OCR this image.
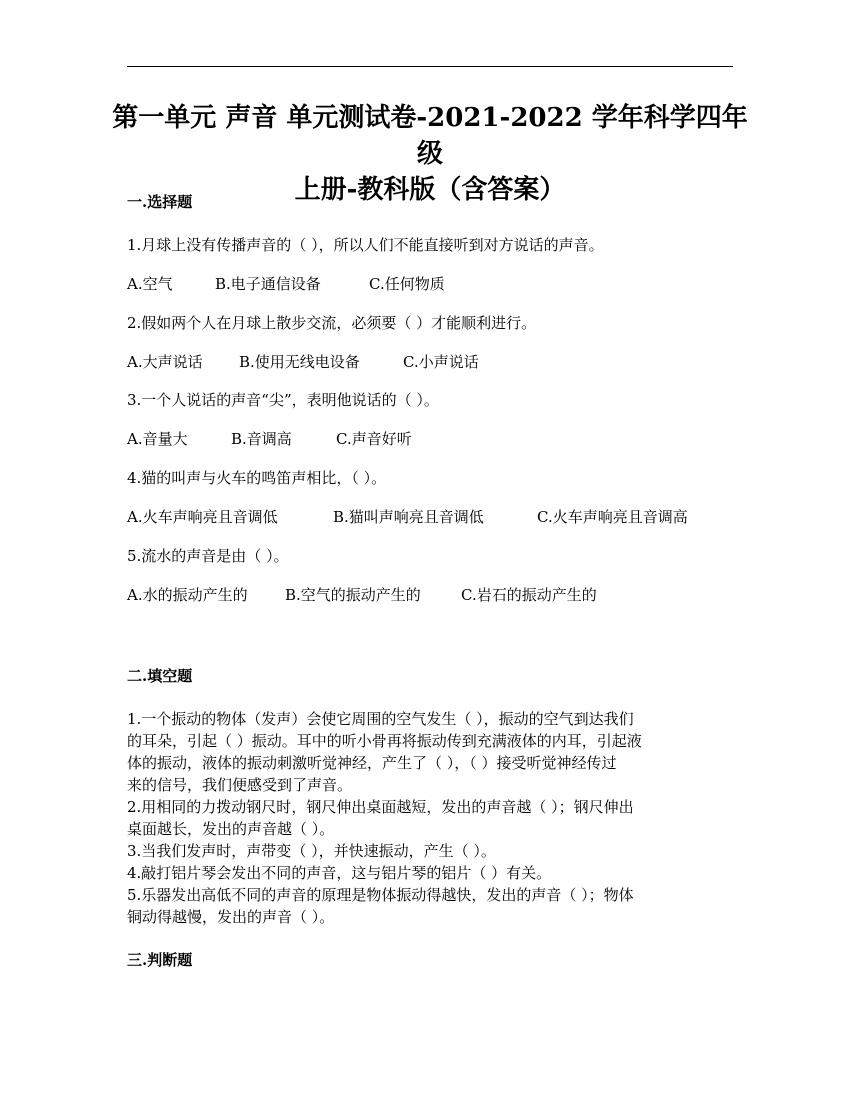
第一单元 声音 单元测试卷-2021-2022 学年科学四年级
上册-教科版（含答案）
一.选择题
1.月球上没有传播声音的（ ），所以人们不能直接听到对方说话的声音。
A.空气	B.电子通信设备	C.任何物质
2.假如两个人在月球上散步交流，必须要（ ）才能顺利进行。
A.大声说话 B.使用无线电设备	C.小声说话
3.一个人说话的声音“尖”，表明他说话的（ ）。
A.音量大	B.音调高	C.声音好听
4.猫的叫声与火车的鸣笛声相比，（ ）。
A.火车声响亮且音调低	B.猫叫声响亮且音调低	C.火车声响亮且音调高
5.流水的声音是由（ ）。
A.水的振动产生的 B.空气的振动产生的	C.岩石的振动产生的
二.填空题
1.一个振动的物体（发声）会使它周围的空气发生（ ），振动的空气到达我们
的耳朵，引起（ ）振动。耳中的听小骨再将振动传到充满液体的内耳，引起液
体的振动，液体的振动刺激听觉神经，产生了（ ），（ ）接受听觉神经传过
来的信号，我们便感受到了声音。
2.用相同的力拨动钢尺时，钢尺伸出桌面越短，发出的声音越（ ）；钢尺伸出
桌面越长，发出的声音越（ ）。
3.当我们发声时，声带变（ ），并快速振动，产生（ ）。
4.敲打铝片琴会发出不同的声音，这与铝片琴的铝片（ ）有关。
5.乐器发出高低不同的声音的原理是物体振动得越快，发出的声音（ ）；物体
铜动得越慢，发出的声音（ ）。
三.判断题
